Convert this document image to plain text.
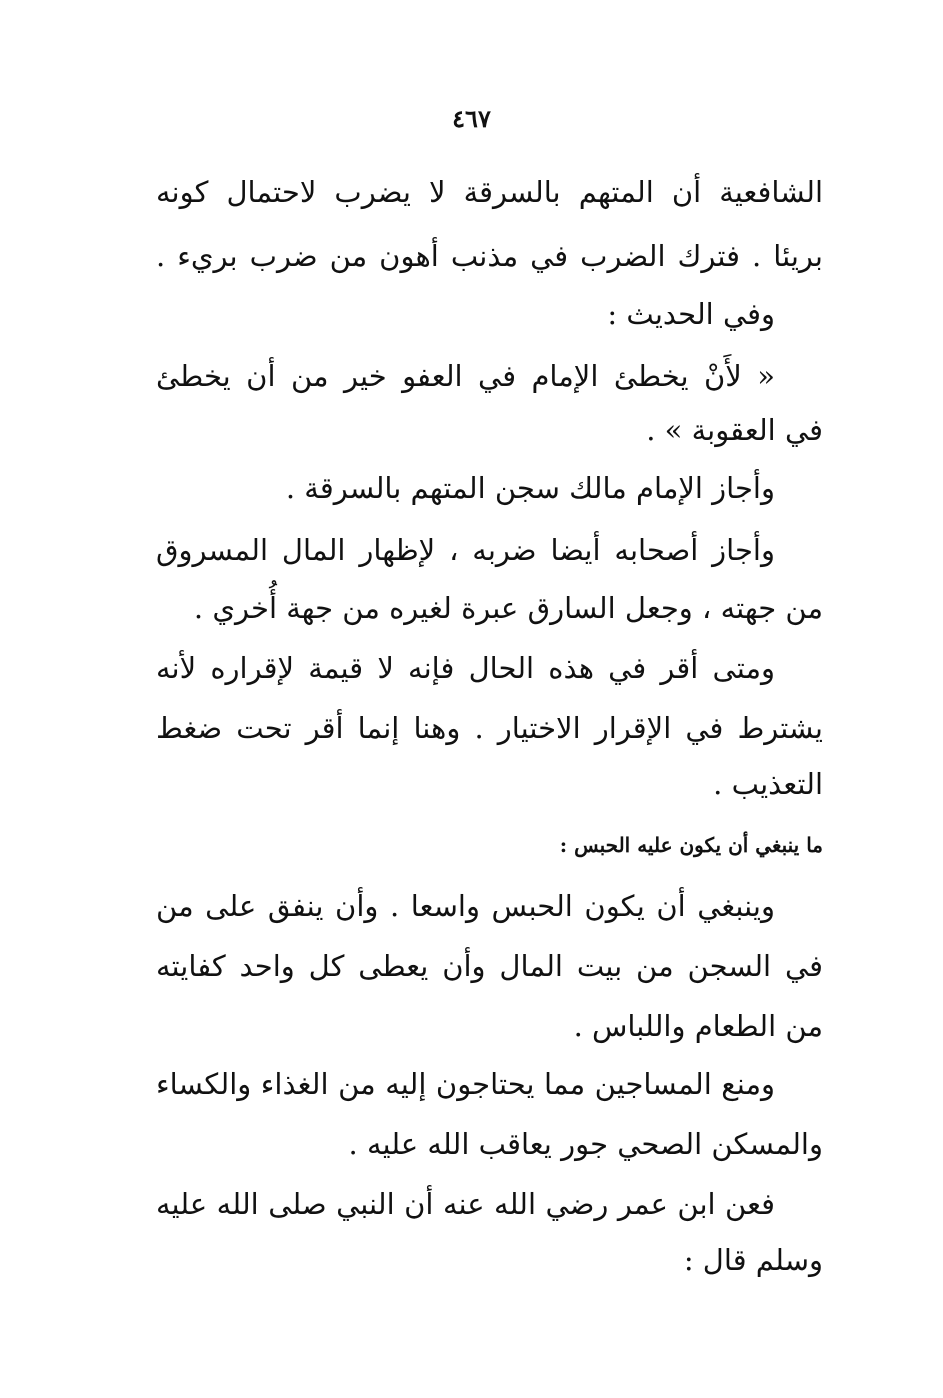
٤٦٧
الشافعية أن المتهم بالسرقة لا يضرب لاحتمال كونه
بريئا . فترك الضرب في مذنب أهون من ضرب بريء .
وفي الحديث :
« لأَنْ يخطئ الإمام في العفو خير من أن يخطئ
في العقوبة » .
وأجاز الإمام مالك سجن المتهم بالسرقة .
وأجاز أصحابه أيضا ضربه ، لإظهار المال المسروق
من جهته ، وجعل السارق عبرة لغيره من جهة أُخري .
ومتى أقر في هذه الحال فإنه لا قيمة لإقراره لأنه
يشترط في الإقرار الاختيار . وهنا إنما أقر تحت ضغط
التعذيب .
ما ينبغي أن يكون عليه الحبس :
وينبغي أن يكون الحبس واسعا . وأن ينفق على من
في السجن من بيت المال وأن يعطى كل واحد كفايته
من الطعام واللباس .
ومنع المساجين مما يحتاجون إليه من الغذاء والكساء
والمسكن الصحي جور يعاقب الله عليه .
فعن ابن عمر رضي الله عنه أن النبي صلى الله عليه
وسلم قال :
